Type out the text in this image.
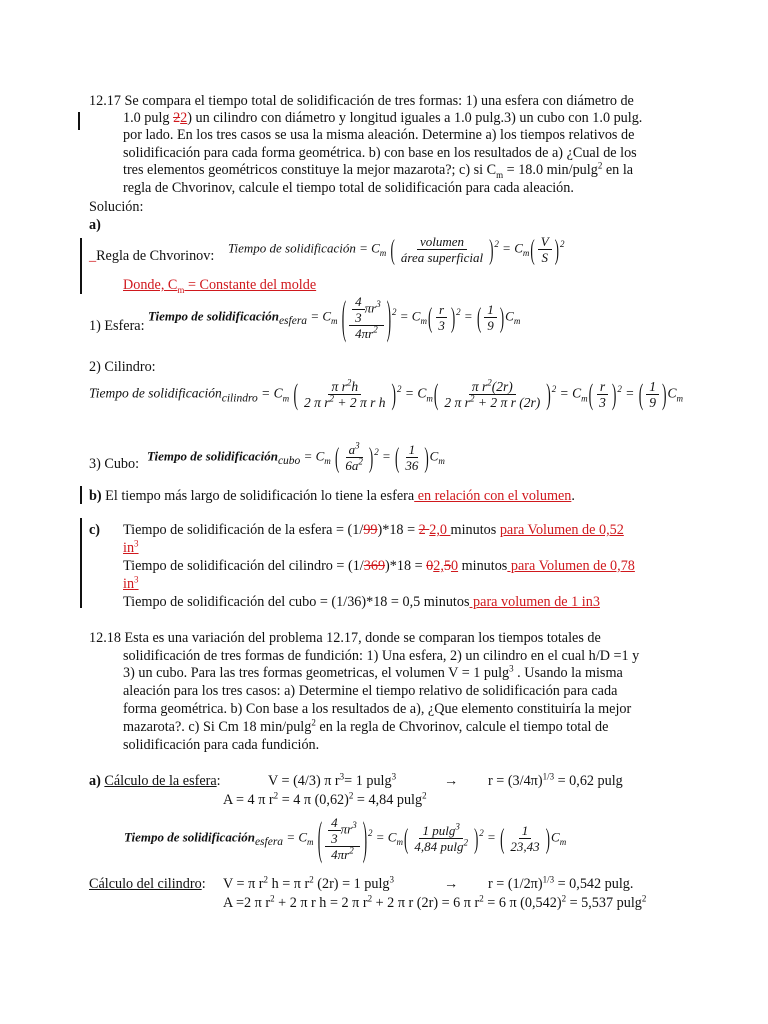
12.17 Se compara el tiempo total de solidificación de tres formas: 1) una esfera con diámetro de
1.0 pulg 22) un cilindro con diámetro y longitud iguales a 1.0 pulg.3) un cubo con 1.0 pulg.
por lado. En los tres casos se usa la misma aleación. Determine a) los tiempos relativos de
solidificación para cada forma geométrica. b) con base en los resultados de a) ¿Cual de los
tres elementos geométricos constituye la mejor mazarota?; c) si $C_m = 18.0$ min/pulg$^2$ en la
regla de Chvorinov, calcule el tiempo total de solidificación para cada aleación.
Solución:
a)
_Regla de Chvorinov:
Tiempo de solidificación = $C_m$ ( $\frac{\text{volumen}}{\text{área superficial}} )^2 = C_m( \frac{V}{S} )^2$
Donde, $C_m$ = Constante del molde
1) Esfera:
Tiempo de solidificación$_{esfera}$ = $C_m$ ( $\frac{\frac{4}{3} \pi r^3}{4\pi r^2} )^2 = C_m( \frac{r}{3} )^2$ = ( $\frac{1}{9} )C_m$
2) Cilindro:
Tiempo de solidificación$_{cilindro}$ = $C_m$ ( $\frac{\pi r^2h}{2 \pi r^2 + 2 \pi r h} )^2 = C_m( \frac{\pi r^2(2r)}{2 \pi r^2 + 2 \pi r (2r)} )^2 = C_m( \frac{r}{3} )^2$ = ( $\frac{1}{9} )C_m$
3) Cubo:
Tiempo de solidificación$_{cubo}$ = $C_m$ ( $\frac{a^3}{6a^2} )^2$ = ( $\frac{1}{36} )C_m$
b) El tiempo más largo de solidificación lo tiene la esfera en relación con el volumen.
c) Tiempo de solidificación de la esfera = (1/99)*18 = 2 2,0 minutos para Volumen de 0,52
$in^3$
Tiempo de solidificación del cilindro = (1/369)*18 = 02,50 minutos para Volumen de 0,78
$in^3$
Tiempo de solidificación del cubo = (1/36)*18 = 0,5 minutos para volumen de 1 in3
12.18 Esta es una variación del problema 12.17, donde se comparan los tiempos totales de
solidificación de tres formas de fundición: 1) Una esfera, 2) un cilindro en el cual h/D =1 y
3) un cubo. Para las tres formas geometricas, el volumen V = 1 pulg$^3$ . Usando la misma
aleación para los tres casos: a) Determine el tiempo relativo de solidificación para cada
forma geométrica. b) Con base a los resultados de a), ¿Que elemento constituiría la mejor
mazarota?. c) Si Cm 18 min/pulg$^2$ en la regla de Chvorinov, calcule el tiempo total de
solidificación para cada fundición.
a) Cálculo de la esfera:	V = (4/3) π $r^3= 1$ pulg$^3$	→ $r = (3/4\pi)^{1/3} = 0,62$ pulg
A = 4 π $r^2 = 4$ π $(0,62)^2 = 4,84$ pulg$^2$
Tiempo de solidificación$_{esfera}$ = $C_m$ ( $\frac{\frac{4}{3} \pi r^3}{4\pi r^2} )^2 = C_m( \frac{1 pulg^3}{4,84 pulg^2} )^2$ = ( $\frac{1}{23,43} )C_m$
Cálculo del cilindro: V = π $r^2$ h = π $r^2$ (2r) = 1 pulg$^3$	→ $r = (1/2\pi)^{1/3} = 0,542$ pulg.
A =2 π $r^2 + 2$ π r h = 2 π $r^2 + 2$ π r (2r) = 6 π $r^2 = 6$ π $(0,542)^2 = 5,537$ pulg$^2$
